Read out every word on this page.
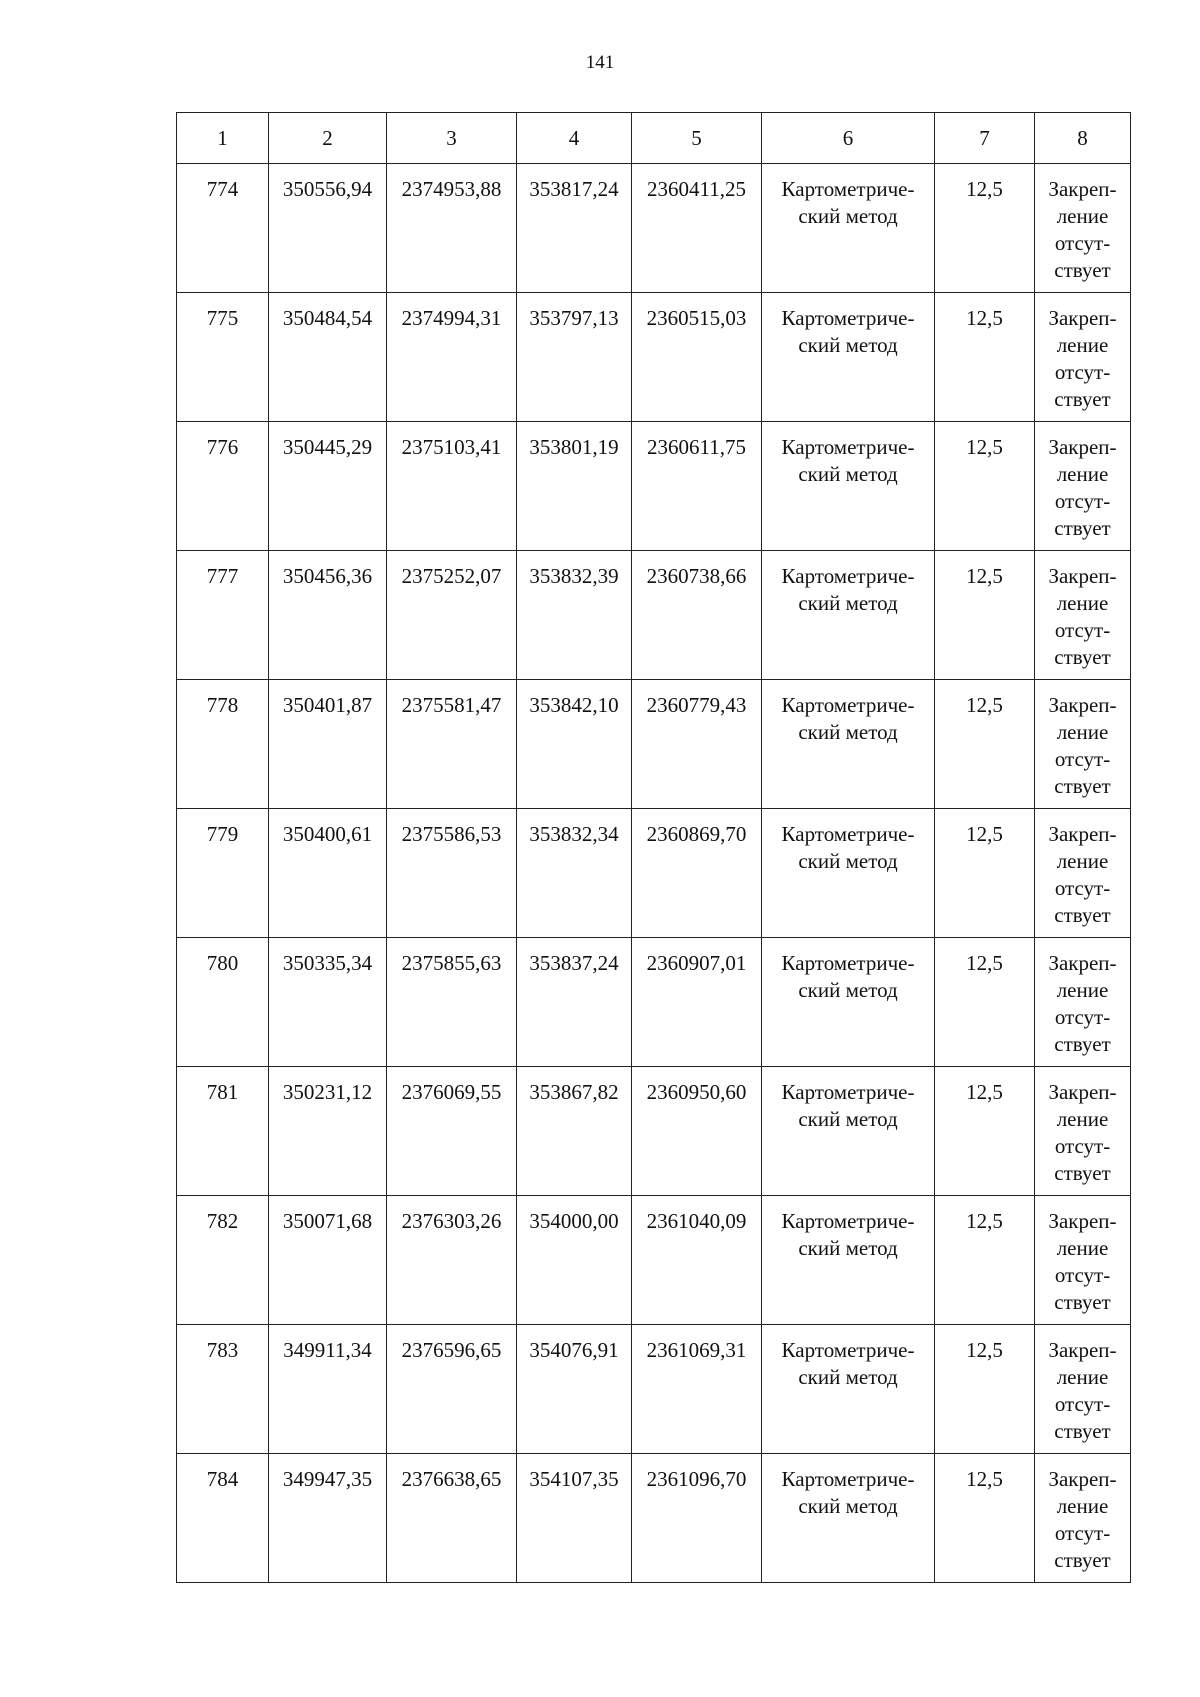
141
1	2	3	4	5	6	7	8
774	350556,94	2374953,88	353817,24	2360411,25	Картометриче-
ский метод	12,5	Закреп-
ление
отсут-
ствует
775	350484,54	2374994,31	353797,13	2360515,03	Картометриче-
ский метод	12,5	Закреп-
ление
отсут-
ствует
776	350445,29	2375103,41	353801,19	2360611,75	Картометриче-
ский метод	12,5	Закреп-
ление
отсут-
ствует
777	350456,36	2375252,07	353832,39	2360738,66	Картометриче-
ский метод	12,5	Закреп-
ление
отсут-
ствует
778	350401,87	2375581,47	353842,10	2360779,43	Картометриче-
ский метод	12,5	Закреп-
ление
отсут-
ствует
779	350400,61	2375586,53	353832,34	2360869,70	Картометриче-
ский метод	12,5	Закреп-
ление
отсут-
ствует
780	350335,34	2375855,63	353837,24	2360907,01	Картометриче-
ский метод	12,5	Закреп-
ление
отсут-
ствует
781	350231,12	2376069,55	353867,82	2360950,60	Картометриче-
ский метод	12,5	Закреп-
ление
отсут-
ствует
782	350071,68	2376303,26	354000,00	2361040,09	Картометриче-
ский метод	12,5	Закреп-
ление
отсут-
ствует
783	349911,34	2376596,65	354076,91	2361069,31	Картометриче-
ский метод	12,5	Закреп-
ление
отсут-
ствует
784	349947,35	2376638,65	354107,35	2361096,70	Картометриче-
ский метод	12,5	Закреп-
ление
отсут-
ствует
